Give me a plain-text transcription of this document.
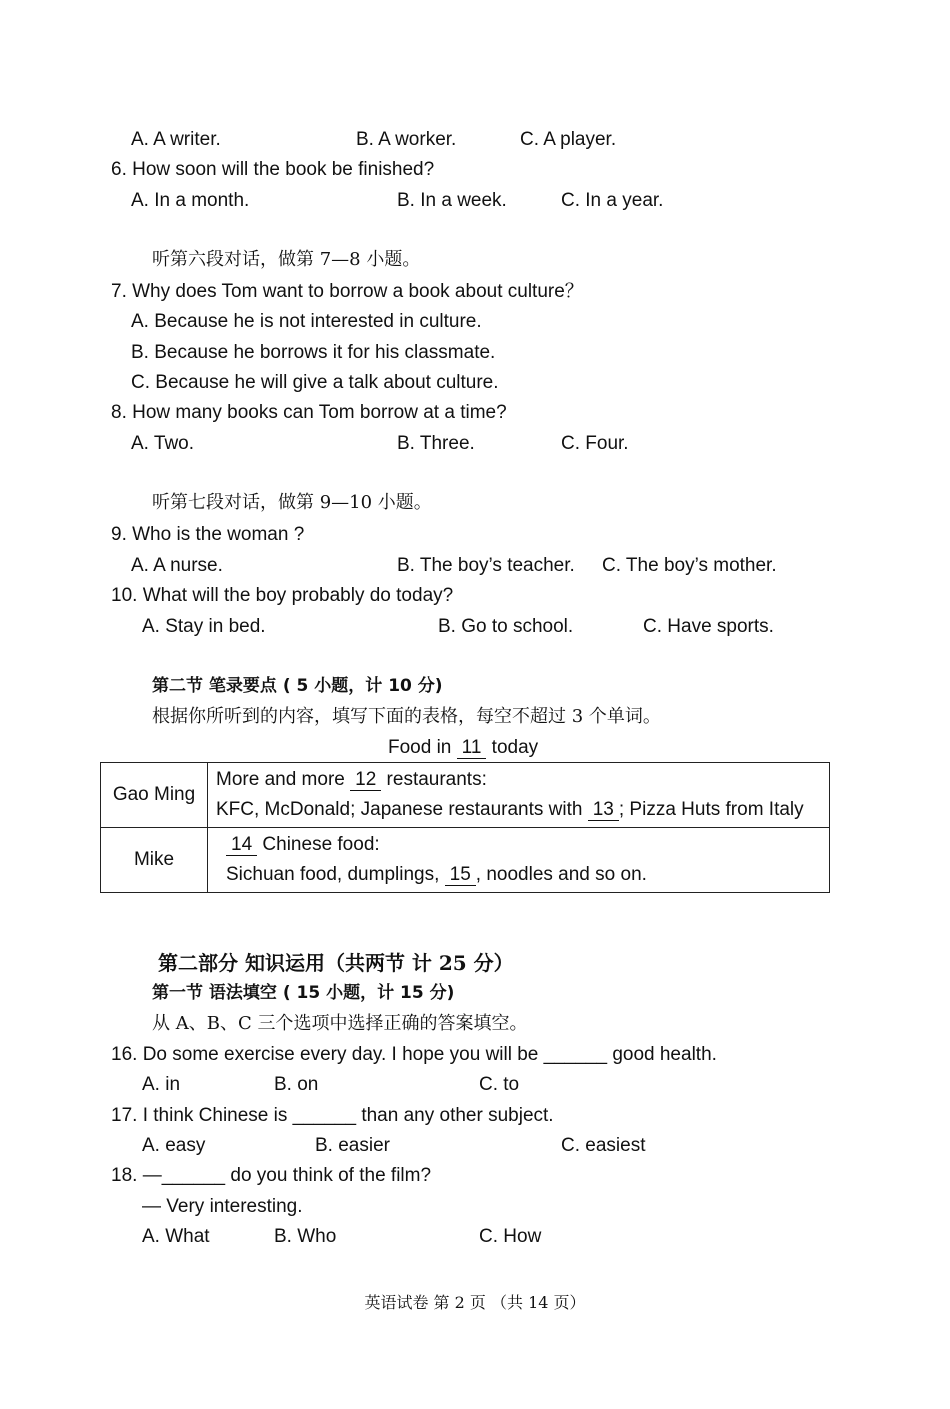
A. A writer.	B. A worker.	C. A player.
6. How soon will the book be finished?
A. In a month.	B. In a week.	C. In a year.
听第六段对话，做第 7—8 小题。
7. Why does Tom want to borrow a book about culture？
A. Because he is not interested in culture.
B. Because he borrows it for his classmate.
C. Because he will give a talk about culture.
8. How many books can Tom borrow at a time?
A. Two.	B. Three.	C. Four.
听第七段对话，做第 9—10 小题。
9. Who is the woman ?
A. A nurse.	B. The boy’s teacher. C. The boy’s mother.
10. What will the boy probably do today?
A. Stay in bed.	B. Go to school.	C. Have sports.
第二节 笔录要点 ( 5 小题，计 10 分)
根据你所听到的内容，填写下面的表格，每空不超过 3 个单词。
Food in 11 today
Gao Ming	More and more 12 restaurants:
KFC, McDonald; Japanese restaurants with 13 ; Pizza Huts from Italy

Mike	14 Chinese food:
Sichuan food, dumplings, 15 , noodles and so on.
第二部分 知识运用（共两节 计 25 分）
第一节 语法填空 ( 15 小题，计 15 分)
从 A、B、C 三个选项中选择正确的答案填空。
16. Do some exercise every day. I hope you will be ______ good health.
A. in	B. on	C. to
17. I think Chinese is ______ than any other subject.
A. easy	B. easier	C. easiest
18. —______ do you think of the film?
— Very interesting.
A. What	B. Who	C. How
英语试卷 第 2 页 （共 14 页）
